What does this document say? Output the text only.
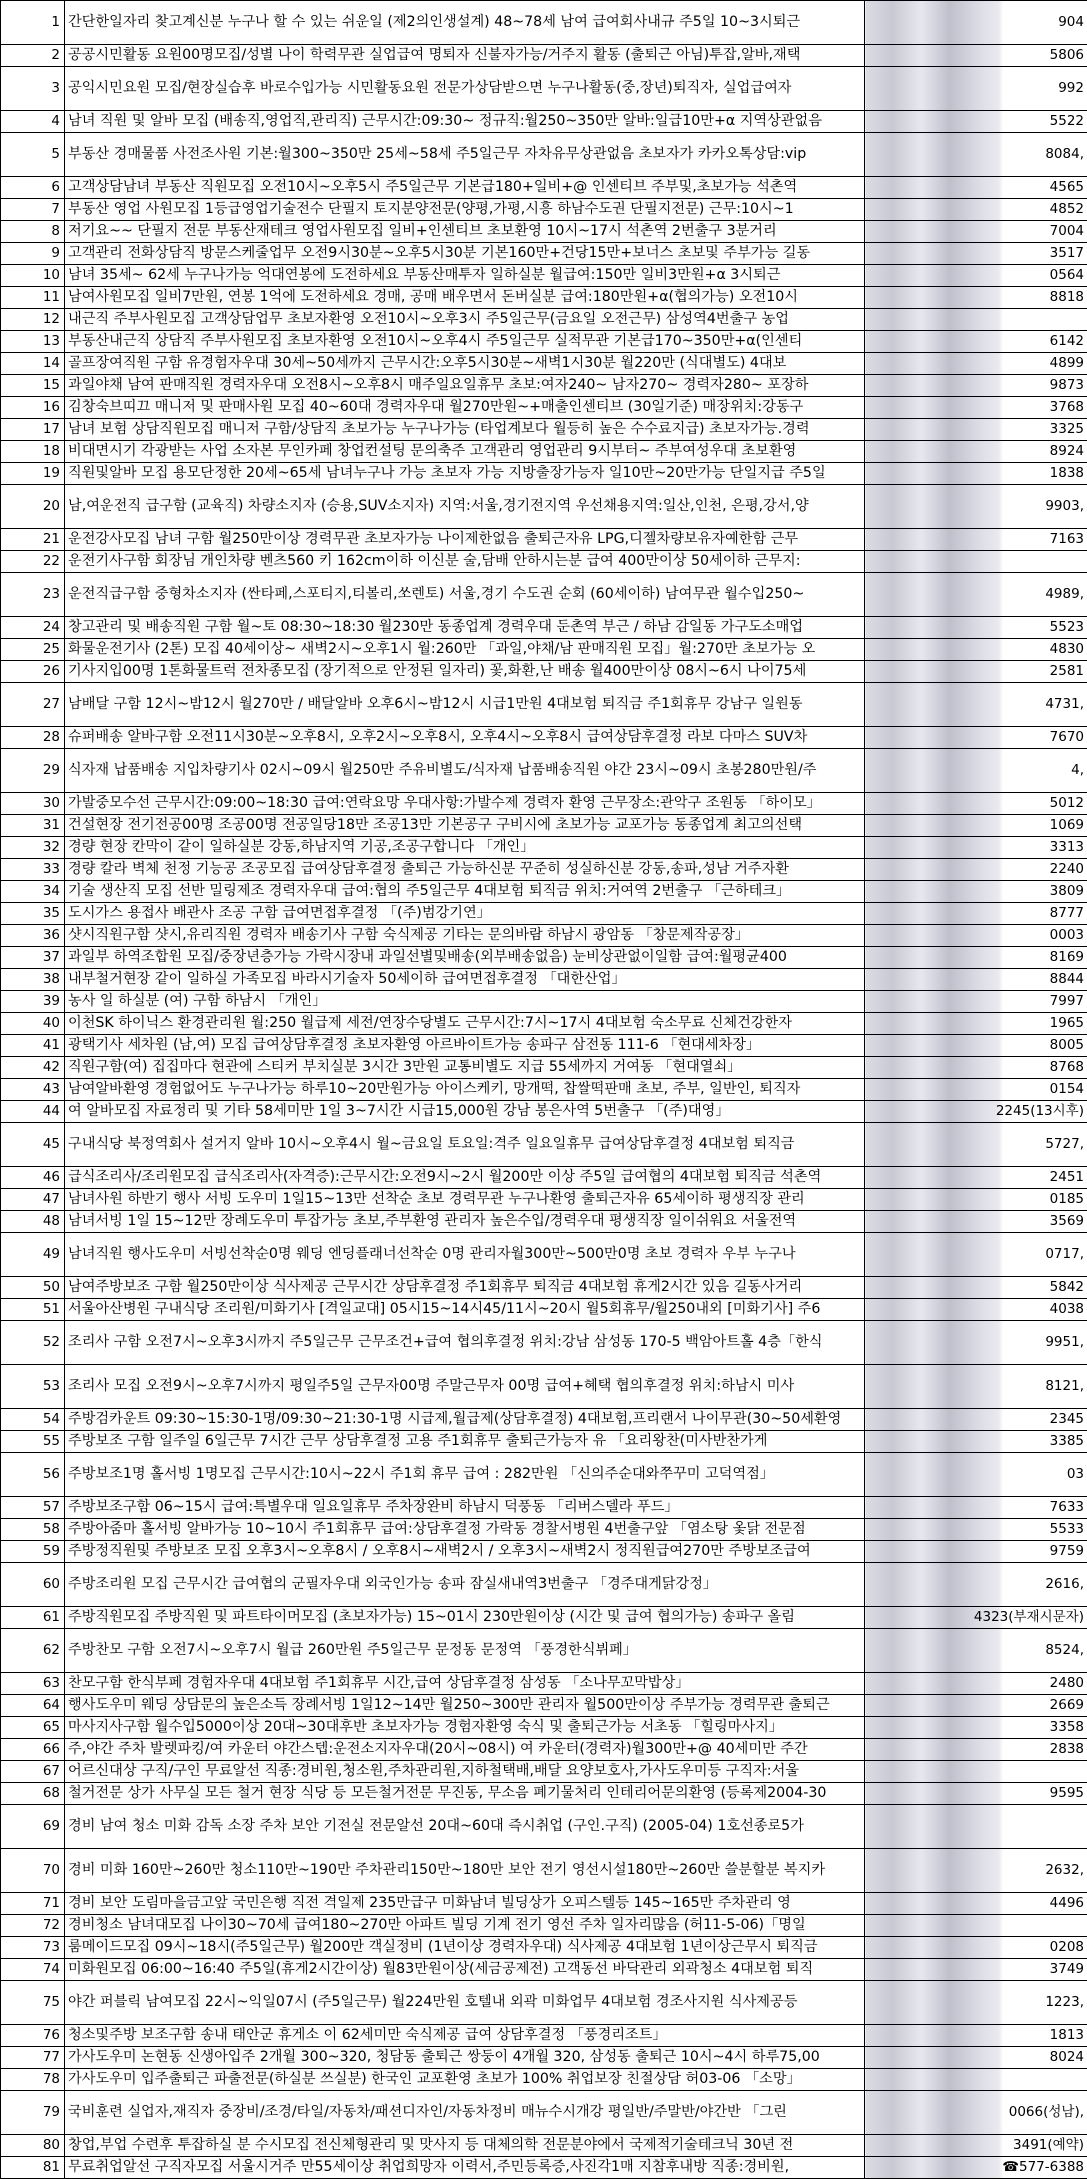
1	간단한일자리 찾고계신분 누구나 할 수 있는 쉬운일 (제2의인생설계) 48~78세 남여 급여회사내규 주5일 10~3시퇴근	904

2	공공시민활동 요원00명모집/성별 나이 학력무관 실업급여 명퇴자 신불자가능/거주지 활동 (출퇴근 아님)투잡,알바,재택	5806

3	공익시민요원 모집/현장실습후 바로수입가능 시민활동요원 전문가상담받으면 누구나활동(중,장년)퇴직자, 실업급여자	992

4	남녀 직원 및 알바 모집 (배송직,영업직,관리직) 근무시간:09:30~ 정규직:월250~350만 알바:일급10만+α 지역상관없음	5522

5	부동산 경매물품 사전조사원 기본:월300~350만 25세~58세 주5일근무 자차유무상관없음 초보자가 카카오톡상담:vip	8084,

6	고객상담남녀 부동산 직원모집 오전10시~오후5시 주5일근무 기본급180+일비+@ 인센티브 주부및,초보가능 석촌역	4565

7	부동산 영업 사원모집 1등급영업기술전수 단필지 토지분양전문(양평,가평,시흥 하남수도권 단필지전문) 근무:10시~1	4852

8	저기요~~ 단필지 전문 부동산재테크 영업사원모집 일비+인센티브 초보환영 10시~17시 석촌역 2번출구 3분거리	7004

9	고객관리 전화상담직 방문스케줄업무 오전9시30분~오후5시30분 기본160만+건당15만+보너스 초보및 주부가능 길동	3517

10	남녀 35세~ 62세 누구나가능 억대연봉에 도전하세요 부동산매투자 일하실분 월급여:150만 일비3만원+α 3시퇴근	0564

11	남여사원모집 일비7만원, 연봉 1억에 도전하세요 경매, 공매 배우면서 돈버실분 급여:180만원+α(협의가능) 오전10시	8818

12	내근직 주부사원모집 고객상담업무 초보자환영 오전10시~오후3시 주5일근무(금요일 오전근무) 삼성역4번출구 농업	

13	부동산내근직 상담직 주부사원모집 초보자환영 오전10시~오후4시 주5일근무 실적무관 기본급170~350만+α(인센티	6142

14	골프장여직원 구함 유경험자우대 30세~50세까지 근무시간:오후5시30분~새벽1시30분 월220만 (식대별도) 4대보	4899

15	과일야채 남여 판매직원 경력자우대 오전8시~오후8시 매주일요일휴무 초보:여자240~ 남자270~ 경력자280~ 포장하	9873

16	김창숙브띠끄 매니저 및 판매사원 모집 40~60대 경력자우대 월270만원~+매출인센티브 (30일기준) 매장위치:강동구	3768

17	남녀 보험 상담직원모집 매니저 구함/상담직 초보가능 누구나가능 (타업계보다 월등히 높은 수수료지급) 초보자가능.경력	3325

18	비대면시기 각광받는 사업 소자본 무인카페 창업컨설팅 문의축주 고객관리 영업관리 9시부터~ 주부여성우대 초보환영	8924

19	직원및알바 모집 용모단정한 20세~65세 남녀누구나 가능 초보자 가능 지방출장가능자 일10만~20만가능 단일지급 주5일	1838

20	남,여운전직 급구함 (교육직) 차량소지자 (승용,SUV소지자) 지역:서울,경기전지역 우선채용지역:일산,인천, 은평,강서,양	9903,

21	운전강사모집 남녀 구함 월250만이상 경력무관 초보자가능 나이제한없음 출퇴근자유 LPG,디젤차량보유자예한함 근무	7163

22	운전기사구함 회장님 개인차량 벤츠560 키 162cm이하 이신분 술,담배 안하시는분 급여 400만이상 50세이하 근무지:	

23	운전직급구함 중형차소지자 (싼타페,스포티지,티볼리,쏘렌토) 서울,경기 수도권 순회 (60세이하) 남여무관 월수입250~	4989,

24	창고관리 및 배송직원 구함 월~토 08:30~18:30 월230만 동종업계 경력우대 둔촌역 부근 / 하남 감일동 가구도소매업	5523

25	화물운전기사 (2톤) 모집 40세이상~ 새벽2시~오후1시 월:260만 「과일,야채/남 판매직원 모집」월:270만 초보가능 오	4830

26	기사지입00명 1톤화물트럭 전차종모집 (장기적으로 안정된 일자리) 꽃,화환,난 배송 월400만이상 08시~6시 나이75세	2581

27	남배달 구함 12시~밤12시 월270만 / 배달알바 오후6시~밤12시 시급1만원 4대보험 퇴직금 주1회휴무 강남구 일원동	4731,

28	슈퍼배송 알바구함 오전11시30분~오후8시, 오후2시~오후8시, 오후4시~오후8시 급여상담후결정 라보 다마스 SUV차	7670

29	식자재 납품배송 지입차량기사 02시~09시 월250만 주유비별도/식자재 납품배송직원 야간 23시~09시 초봉280만원/주	4,

30	가발중모수선 근무시간:09:00~18:30 급여:연락요망 우대사항:가발수제 경력자 환영 근무장소:관악구 조원동 「하이모」	5012

31	건설현장 전기전공00명 조공00명 전공일당18만 조공13만 기본공구 구비시에 초보가능 교포가능 동종업계 최고의선택	1069

32	경량 현장 칸막이 같이 일하실분 강동,하남지역 기공,조공구합니다 「개인」	3313

33	경량 칼라 벽체 천정 기능공 조공모집 급여상담후결정 출퇴근 가능하신분 꾸준히 성실하신분 강동,송파,성남 거주자환	2240

34	기술 생산직 모집 선반 밀링제조 경력자우대 급여:협의 주5일근무 4대보험 퇴직금 위치:거여역 2번출구 「근하테크」	3809

35	도시가스 용접사 배관사 조공 구함 급여면접후결정 「(주)범강기연」	8777

36	샷시직원구함 샷시,유리직원 경력자 배송기사 구함 숙식제공 기타는 문의바람 하남시 광암동 「창문제작공장」	0003

37	과일부 하역조합원 모집/중장년층가능 가락시장내 과일선별및배송(외부배송없음) 눈비상관없이일함 급여:월평균400	8169

38	내부철거현장 같이 일하실 가족모집 바라시기술자 50세이하 급여면접후결정 「대한산업」	8844

39	농사 일 하실분 (여) 구함 하남시 「개인」	7997

40	이천SK 하이닉스 환경관리원 월:250 월급제 세전/연장수당별도 근무시간:7시~17시 4대보험 숙소무료 신체건강한자	1965

41	광택기사 세차원 (남,여) 모집 급여상담후결정 초보자환영 아르바이트가능 송파구 삼전동 111-6 「현대세차장」	8005

42	직원구함(여) 집집마다 현관에 스티커 부치실분 3시간 3만원 교통비별도 지급 55세까지 거여동 「현대열쇠」	8768

43	남여알바환영 경험없어도 누구나가능 하루10~20만원가능 아이스케키, 망개떡, 찹쌀떡판매 초보, 주부, 일반인, 퇴직자	0154

44	여 알바모집 자료정리 및 기타 58세미만 1일 3~7시간 시급15,000원 강남 봉은사역 5번출구 「(주)대영」	2245(13시후)

45	구내식당 북정역회사 설거지 알바 10시~오후4시 월~금요일 토요일:격주 일요일휴무 급여상담후결정 4대보험 퇴직금	5727,

46	급식조리사/조리원모집 급식조리사(자격증):근무시간:오전9시~2시 월200만 이상 주5일 급여협의 4대보험 퇴직금 석촌역	2451

47	남녀사원 하반기 행사 서빙 도우미 1일15~13만 선착순 초보 경력무관 누구나환영 출퇴근자유 65세이하 평생직장 관리	0185

48	남녀서빙 1일 15~12만 장례도우미 투잡가능 초보,주부환영 관리자 높은수입/경력우대 평생직장 일이쉬워요 서울전역	3569

49	남녀직원 행사도우미 서빙선착순0명 웨딩 엔딩플래너선착순 0명 관리자월300만~500만0명 초보 경력자 우부 누구나	0717,

50	남여주방보조 구함 월250만이상 식사제공 근무시간 상담후결정 주1회휴무 퇴직금 4대보험 휴게2시간 있음 길동사거리	5842

51	서울아산병원 구내식당 조리원/미화기사 [격일교대] 05시15~14시45/11시~20시 월5회휴무/월250내외 [미화기사] 주6	4038

52	조리사 구함 오전7시~오후3시까지 주5일근무 근무조건+급여 협의후결정 위치:강남 삼성동 170-5 백암아트홀 4층「한식	9951,

53	조리사 모집 오전9시~오후7시까지 평일주5일 근무자00명 주말근무자 00명 급여+혜택 협의후결정 위치:하남시 미사	8121,

54	주방검카운트 09:30~15:30-1명/09:30~21:30-1명 시급제,월급제(상담후결정) 4대보험,프리랜서 나이무관(30~50세환영	2345

55	주방보조 구함 일주일 6일근무 7시간 근무 상담후결정 고용 주1회휴무 출퇴근가능자 유 「요리왕찬(미사반찬가게	3385

56	주방보조1명 홀서빙 1명모집 근무시간:10시~22시 주1회 휴무 급여 : 282만원 「신의주순대와쭈꾸미 고덕역점」	03

57	주방보조구함 06~15시 급여:특별우대 일요일휴무 주차장완비 하남시 덕풍동 「리버스델라 푸드」	7633

58	주방아줌마 홀서빙 알바가능 10~10시 주1회휴무 급여:상담후결정 가락동 경찰서병원 4번출구앞 「염소탕 옻닭 전문점	5533

59	주방정직원및 주방보조 모집 오후3시~오후8시 / 오후8시~새벽2시 / 오후3시~새벽2시 정직원급여270만 주방보조급여	9759

60	주방조리원 모집 근무시간 급여협의 군필자우대 외국인가능 송파 잠실새내역3번출구 「경주대게닭강정」	2616,

61	주방직원모집 주방직원 및 파트타이머모집 (초보자가능) 15~01시 230만원이상 (시간 및 급여 협의가능) 송파구 올림	4323(부재시문자)

62	주방찬모 구함 오전7시~오후7시 월급 260만원 주5일근무 문정동 문정역 「풍경한식뷔페」	8524,

63	찬모구함 한식부페 경험자우대 4대보험 주1회휴무 시간,급여 상담후결정 삼성동 「소나무꼬막밥상」	2480

64	행사도우미 웨딩 상담문의 높은소득 장례서빙 1일12~14만 월250~300만 관리자 월500만이상 주부가능 경력무관 출퇴근	2669

65	마사지사구함 월수입5000이상 20대~30대후반 초보자가능 경험자환영 숙식 및 출퇴근가능 서초동 「힐링마사지」	3358

66	주,야간 주차 발렛파킹/여 카운터 야간스텝:운전소지자우대(20시~08시) 여 카운터(경력자)월300만+@ 40세미만 주간	2838

67	어르신대상 구직/구인 무료알선 직종:경비원,청소원,주차관리원,지하철택배,배달 요양보호사,가사도우미등 구직자:서울	

68	철거전문 상가 사무실 모든 철거 현장 식당 등 모든철거전문 무진동, 무소음 폐기물처리 인테리어문의환영 (등록제2004-30	9595

69	경비 남여 청소 미화 감독 소장 주차 보안 기전실 전문알선 20대~60대 즉시취업 (구인.구직) (2005-04) 1호선종로5가	

70	경비 미화 160만~260만 청소110만~190만 주차관리150만~180만 보안 전기 영선시설180만~260만 쓸분할분 복지카	2632,

71	경비 보안 도림마을금고앞 국민은행 직전 격일제 235만급구 미화남녀 빌딩상가 오피스텔등 145~165만 주차관리 영	4496

72	경비청소 남녀대모집 나이30~70세 급여180~270만 아파트 빌딩 기계 전기 영선 주차 일자리많음 (허11-5-06)「명일	

73	룸메이드모집 09시~18시(주5일근무) 월200만 객실정비 (1년이상 경력자우대) 식사제공 4대보험 1년이상근무시 퇴직금	0208

74	미화원모집 06:00~16:40 주5일(휴게2시간이상) 월83만원이상(세금공제전) 고객동선 바닥관리 외곽청소 4대보험 퇴직	3749

75	야간 퍼블릭 남여모집 22시~익일07시 (주5일근무) 월224만원 호텔내 외곽 미화업무 4대보험 경조사지원 식사제공등	1223,

76	청소및주방 보조구함 송내 태안군 휴게소 이 62세미만 숙식제공 급여 상담후결정 「풍경리조트」	1813

77	가사도우미 논현동 신생아입주 2개월 300~320, 청담동 출퇴근 쌍둥이 4개월 320, 삼성동 출퇴근 10시~4시 하루75,00	8024

78	가사도우미 입주출퇴근 파출전문(하실분 쓰실분) 한국인 교포환영 초보가 100% 취업보장 친절상담 허03-06 「소망」	

79	국비훈련 실업자,재직자 중장비/조경/타일/자동차/패션디자인/자동차정비 매뉴수시개강 평일반/주말반/야간반 「그린	0066(성남),

80	창업,부업 수련후 투잡하실 분 수시모집 전신체형관리 및 맛사지 등 대체의학 전문분야에서 국제적기술테크닉 30년 전	3491(예약)

81	무료취업알선 구직자모집 서울시거주 만55세이상 취업희망자 이력서,주민등록증,사진각1매 지참후내방 직종:경비원,	☎577-6388
